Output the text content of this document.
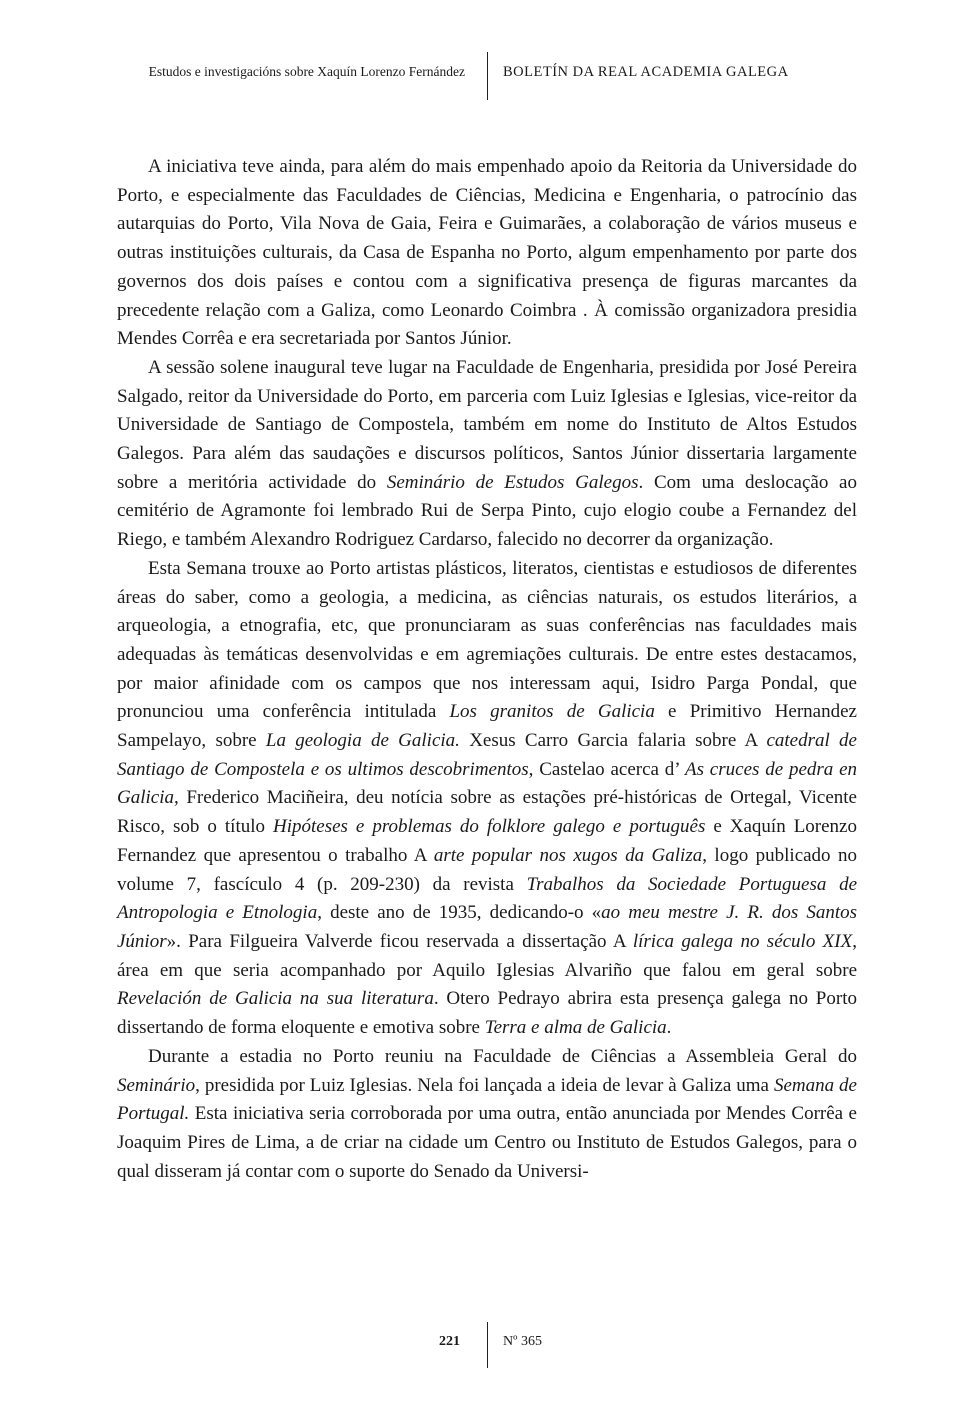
Estudos e investigacións sobre Xaquín Lorenzo Fernández	BOLETÍN DA REAL ACADEMIA GALEGA

A iniciativa teve ainda, para além do mais empenhado apoio da Reitoria da Universidade do Porto, e especialmente das Faculdades de Ciências, Medicina e Engenharia, o patrocínio das autarquias do Porto, Vila Nova de Gaia, Feira e Guimarães, a colaboração de vários museus e outras instituições culturais, da Casa de Espanha no Porto, algum empenhamento por parte dos governos dos dois países e contou com a significativa presença de figuras marcantes da precedente relação com a Galiza, como Leonardo Coimbra . À comissão organizadora presidia Mendes Corrêa e era secretariada por Santos Júnior.

A sessão solene inaugural teve lugar na Faculdade de Engenharia, presidida por José Pereira Salgado, reitor da Universidade do Porto, em parceria com Luiz Iglesias e Iglesias, vice-reitor da Universidade de Santiago de Compostela, também em nome do Instituto de Altos Estudos Galegos. Para além das saudações e discursos políticos, Santos Júnior dissertaria largamente sobre a meritória actividade do Seminário de Estudos Galegos. Com uma deslocação ao cemitério de Agramonte foi lembrado Rui de Serpa Pinto, cujo elogio coube a Fernandez del Riego, e também Alexandro Rodriguez Cardarso, falecido no decorrer da organização.

Esta Semana trouxe ao Porto artistas plásticos, literatos, cientistas e estudiosos de diferentes áreas do saber, como a geologia, a medicina, as ciências naturais, os estudos literários, a arqueologia, a etnografia, etc, que pronunciaram as suas conferências nas faculdades mais adequadas às temáticas desenvolvidas e em agremiações culturais. De entre estes destacamos, por maior afinidade com os campos que nos interessam aqui, Isidro Parga Pondal, que pronunciou uma conferência intitulada Los granitos de Galicia e Primitivo Hernandez Sampelayo, sobre La geologia de Galicia. Xesus Carro Garcia falaria sobre A catedral de Santiago de Compostela e os ultimos descobrimentos, Castelao acerca d’ As cruces de pedra en Galicia, Frederico Maciñeira, deu notícia sobre as estações pré-históricas de Ortegal, Vicente Risco, sob o título Hipóteses e problemas do folklore galego e português e Xaquín Lorenzo Fernandez que apresentou o trabalho A arte popular nos xugos da Galiza, logo publicado no volume 7, fascículo 4 (p. 209-230) da revista Trabalhos da Sociedade Portuguesa de Antropologia e Etnologia, deste ano de 1935, dedicando-o «ao meu mestre J. R. dos Santos Júnior». Para Filgueira Valverde ficou reservada a dissertação A lírica galega no século XIX, área em que seria acompanhado por Aquilo Iglesias Alvariño que falou em geral sobre Revelación de Galicia na sua literatura. Otero Pedrayo abrira esta presença galega no Porto dissertando de forma eloquente e emotiva sobre Terra e alma de Galicia.

Durante a estadia no Porto reuniu na Faculdade de Ciências a Assembleia Geral do Seminário, presidida por Luiz Iglesias. Nela foi lançada a ideia de levar à Galiza uma Semana de Portugal. Esta iniciativa seria corroborada por uma outra, então anunciada por Mendes Corrêa e Joaquim Pires de Lima, a de criar na cidade um Centro ou Instituto de Estudos Galegos, para o qual disseram já contar com o suporte do Senado da Universi-

221	Nº 365
